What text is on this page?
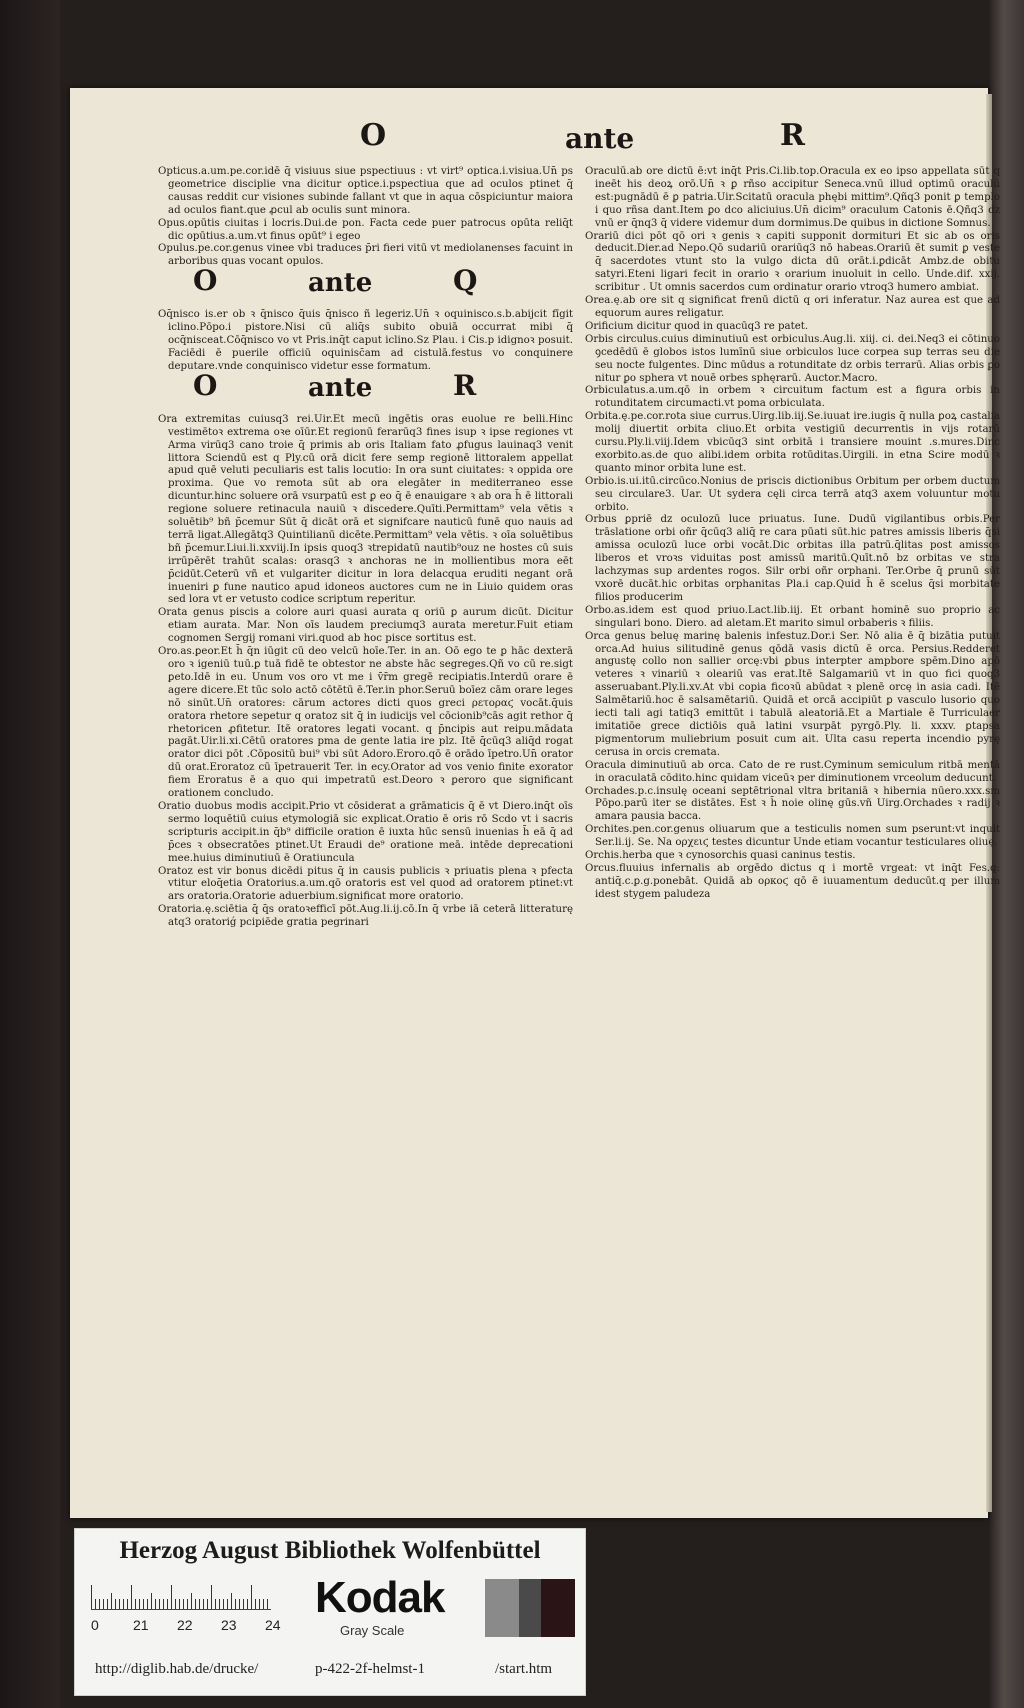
O	ante	R

Opticus.a.um.pe.cor.idē q̄ visiuus siue pspectiuus : vt virt⁹ optica.i.visiua.Un̄ ps geometrice disciplie vna dicitur optice.i.pspectiua que ad oculos ptinet q̄ causas reddit cur visiones subinde fallant vt que in aqua cōspiciuntur maiora ad oculos fiant.que ꝓcul ab oculis sunt minora.

Opus.opūtis ciuitas i locris.Dui.de pon. Facta cede puer patrocus opūta reliq̄t dic opūtius.a.um.vt finus opūt⁹ i egeo

Opulus.pe.cor.genus vinee vbi traduces p̄ri fieri vitū vt mediolanenses facuint in arboribus quas vocant opulos.

O	ante	Q

Oq̄nisco is.er ob ꝛ q̄nisco q̄uis q̄nisco ñ legeriz.Un̄ ꝛ oquinisco.s.b.abijcit fīgit iclino.Pōpo.i pistore.Nisi cū aliq̄s subito obuiā occurrat mibi q̄ ocq̄nisceat.Cōq̄nisco vo vt Pris.inq̄t caput iclino.Sz Plau. i Cis.p idignoꝛ posuit. Faciēdi ē puerile officiū oquinisc̄am ad cistulā.festus vo conquinere deputare.vnde conquinisco videtur esse formatum.

O	ante	R

Ora extremitas cuiusq3 rei.Uir.Et mecū ingētis oras euolue re belli.Hinc vestimētoꝛ extrema oꝛe oīūr.Et regionū ferarūq3 fines isup ꝛ ipse regiones vt Arma virūq3 cano troie q̄ primis ab oris Italiam fato ꝓfugus lauinaq3 venit littora Sciendū est q Ply.cū orā dicit fere semp regionē littoralem appellat apud quē veluti peculiaris est talis locutio: In ora sunt ciuitates: ꝛ oppida ore proxima. Que vo remota sūt ab ora elegāter in mediterraneo esse dicuntur.hinc soluere orā vsurpatū est ꝑ eo q̄ ē enauigare ꝛ ab ora h̄ ē littorali regione soluere retinacula nauiū ꝛ discedere.Quīti.Permittam⁹ vela vētis ꝛ soluētib⁹ bñ p̄cemur Sūt q̄ dicāt orā et signifcare nauticū funē quo nauis ad terrā ligat.Allegātq3 Quintilianū dicēte.Permittam⁹ vela vētis. ꝛ oīa soluētibus bñ p̄cemur.Liui.li.xxviij.In ipsis quoq3 ꝛtrepidatū nautib⁹ouz ne hostes cū suis irrūpērēt trahūt scalas: orasq3 ꝛ anchoras ne in mollientibus mora eēt p̄cidūt.Ceterū vñ et vulgariter dicitur in lora delacqua eruditi negant orā inueniri ꝑ fune nautico apud idoneos auctores cum ne in Liuio quidem oras sed lora vt er vetusto codice scriptum reperitur.

Orata genus piscis a colore auri quasi aurata q oriū ꝑ aurum dicūt. Dicitur etiam aurata. Mar. Non oīs laudem preciumq3 aurata meretur.Fuit etiam cognomen Sergij romani viri.quod ab hoc pisce sortitus est.

Oro.as.ꝑeor.Et h̄ q̄n iūgit cū deo velcū hoīe.Ter. in an. Oō ego te ꝑ hāc dexterā oro ꝛ igeniū tuū.ꝑ tuā fidē te obtestor ne abste hāc segreges.Qñ vo cū re.sigt ꝑeto.Idē in eu. Unum vos oro vt me i v̄r̄m gregē recipiatis.Interdū orare ē agere dicere.Et tūc solo actō cōtētū ē.Ter.in phor.Seruū boīez cām orare leges nō sinūt.Un̄ oratores: cārum actores dicti quos greci ρετοραϛ vocāt.q̄uis oratora rhetore sepetur q oratoz sit q̄ in iudicijs vel cōcionib⁹cās agit rethor q̄ rhetoricen ꝓfitetur. Itē oratores legati vocant. q p̄ncipis aut reipu.mādata pagāt.Uir.li.xi.Cētū oratores pma de gente latia ire plz. Itē q̄cūq3 aliq̄d rogat orator dici pōt .Cōpositū bui⁹ vbi sūt Adoro.Eroro.qō ē orādo īpetro.Un̄ orator dū orat.Eroratoz cū īpetrauerit Ter. in ecy.Orator ad vos venio finite exorator fiem Eroratus ē a quo qui impetratū est.Deoro ꝛ ꝑeroro que significant orationem concludo.

Oratio duobus modis accipit.Prio vt cōsiderat a grāmaticis q̄ ē vt Diero.inq̄t oīs sermo loquētiū cuius etymologiā sic explicat.Oratio ē oris rō Scdo vt i sacris scripturis accipit.in q̄b⁹ difficile oration ē iuxta hūc sensū inuenias h̄ eā q̄ ad p̄ces ꝛ obsecratōes ptinet.Ut Eraudi de⁹ oratione meā. intēde deprecationi mee.huius diminutiuū ē Oratiuncula

Oratoz est vir bonus dicēdi pitus q̄ in causis publicis ꝛ priuatis plena ꝛ pfecta vtitur eloq̄etia Oratorius.a.um.qō oratoris est vel quod ad oratorem ptinet:vt ars oratoria.Oratorie aduerbium.significat more oratorio.

Oratoria.ę.sciētia q̄ q̄s oratoꝛefficī pōt.Aug.li.ij.cō.In q̄ vrbe iā ceterā litteraturę atq3 oratoriǵ pcipiēde gratia pegrinari

Oraculū.ab ore dictū ē:vt inq̄t Pris.Ci.lib.top.Oracula ex eo ipso appellata sūt q ineēt his deoꝝ orō.Un̄ ꝛ ꝑ rñso accipitur Seneca.vnū illud optimū oraculū est:pugnādū ē ꝑ patria.Uir.Scitatū oracula phębi mittim⁹.Qñq3 ponit ꝑ templo i quo rñsa dant.Item ꝑo dco aliciuius.Un̄ dicim⁹ oraculum Catonis ē.Qñq3 dz vnū er q̄nq3 q̄ videre videmur dum dormimus.De quibus in dictione Somnus.

Orariū dici pōt qō ori ꝛ genis ꝛ capiti supponit dormituri Et sic ab os oris deducit.Dier.ad Nepo.Qō sudariū orariūq3 nō habeas.Orariū ēt sumit ꝑ veste q̄ sacerdotes vtunt sto la vulgo dicta dū orāt.i.ꝑdicāt Ambz.de obitu satyri.Eteni ligari fecit in orario ꝛ orarium inuoluit in cello. Unde.dif. xxij. scribitur . Ut omnis sacerdos cum ordinatur orario vtroq3 humero ambiat.

Orea.ę.ab ore sit q significat frenū dictū q ori inferatur. Naz aurea est que ad equorum aures religatur.

Orificium dicitur quod in quacūq3 re patet.

Orbis circulus.cuius diminutiuū est orbiculus.Aug.li. xiij. ci. dei.Neq3 ei cōtinuo ꝯcedēdū ē globos istos lumīnū siue orbiculos luce corpea sup terras seu die seu nocte fulgentes. Dinc mūdus a rotunditate dz orbis terrarū. Alias orbis ꝑo nitur ꝑo sphera vt nouē orbes sphęrarū. Auctor.Macro.

Orbiculatus.a.um.qō in orbem ꝛ circuitum factum est a figura orbis in rotunditatem circumacti.vt poma orbiculata.

Orbita.ę.pe.cor.rota siue currus.Uirg.lib.iij.Se.iuuat ire.iugis q̄ nulla ꝑoꝝ castalia molij diuertit orbita cliuo.Et orbita vestigiū decurrentis in vijs rotarū cursu.Ply.li.viij.Idem vbicūq3 sint orbitā i transiere mouint .s.mures.Dinc exorbito.as.de quo alibi.idem orbita rotūditas.Uirgili. in etna Scire modū ꝛ quanto minor orbita lune est.

Orbio.is.ui.itū.circūco.Nonius de priscis dictionibus Orbitum per orbem ductum seu circulare3. Uar. Ut sydera cęli circa terrā atq3 axem voluuntur motu orbito.

Orbus ꝑpriē dz oculozū luce priuatus. Iune. Dudū vigilantibus orbis.Per trāslatione orbi oñr q̄cūq3 aliq̄ re cara pūati sūt.hic patres amissis liberis q̄si amissa oculozū luce orbi vocāt.Dic orbitas illa patrū.q̄litas post amissos liberos et vroꝛs viduitas post amissū maritū.Quīt.nō bz orbitas ve stra lachzymas sup ardentes rogos. Silr orbi oñr orphani. Ter.Orbe q̄ ꝑrunū sūt vxorē ducāt.hic orbitas orphanitas Pla.i cap.Quid h̄ ē scelus q̄si morbitate filios producerim

Orbo.as.idem est quod priuo.Lact.lib.iij. Et orbant hominē suo proprio ac singulari bono. Diero. ad aletam.Et marito simul orbaberis ꝛ filiis.

Orca genus beluę marinę balenis infestuz.Dor.i Ser. Nō alia ē q̄ bizātia putuit orca.Ad huius silitudinē genus qōdā vasis dictū ē orca. Persius.Redderet angustę collo non sallier orcę:vbi ꝑbus interpter ampbore spēm.Dino apō veteres ꝛ vinariū ꝛ oleariū vas erat.Itē Salgamariū vt in quo fici quoq3 asseruabant.Ply.li.xv.At vbi copia ficoꝛū abūdat ꝛ plenē orcę in asia cadi. Itē Salmētariū.hoc ē salsamētariū. Quidā et orcā accipiūt ꝑ vasculo lusorio quo iecti tali agi tatiq3 emittūt i tabulā aleatoriā.Et a Martiale ē Turriculaer imitatiōe grece dictiōis quā latini vsurpāt pyrgō.Ply. li. xxxv. ꝑtapsa pigmentorum muliebrium posuit cum ait. Ulta casu reperta incendio pyrę cerusa in orcis cremata.

Oracula diminutiuū ab orca. Cato de re rust.Cyminum semiculum ritbā mentā in oraculatā cōdito.hinc quidam viceūꝛ per diminutionem vrceolum deducunt.

Orchades.p.c.insulę oceani septētrional vltra britaniā ꝛ hibernia nūero.xxx.sm Pōpo.parū iter se distātes. Est ꝛ h̄ noie olinę gūs.vñ Uirg.Orchades ꝛ radij ꝛ amara pausia bacca.

Orchites.pen.cor.genus oliuarum que a testiculis nomen sum pserunt:vt inquit Ser.li.ij. Se. Na ορχειϛ testes dicuntur Unde etiam vocantur testiculares oliuę.

Orchis.herba que ꝛ cynosorchis quasi caninus testis.

Orcus.fluuius infernalis ab orgēdo dictus q i mortē vrgeat: vt inq̄t Fes.q: antiq̄.c.ꝑ.g.ponebāt. Quidā ab ορκοϛ qō ē iuuamentum deducūt.q per illum idest stygem paludeza

Herzog August Bibliothek Wolfenbüttel
0 21 22 23 24
Kodak
Gray Scale
http://diglib.hab.de/drucke/	p-422-2f-helmst-1	/start.htm
